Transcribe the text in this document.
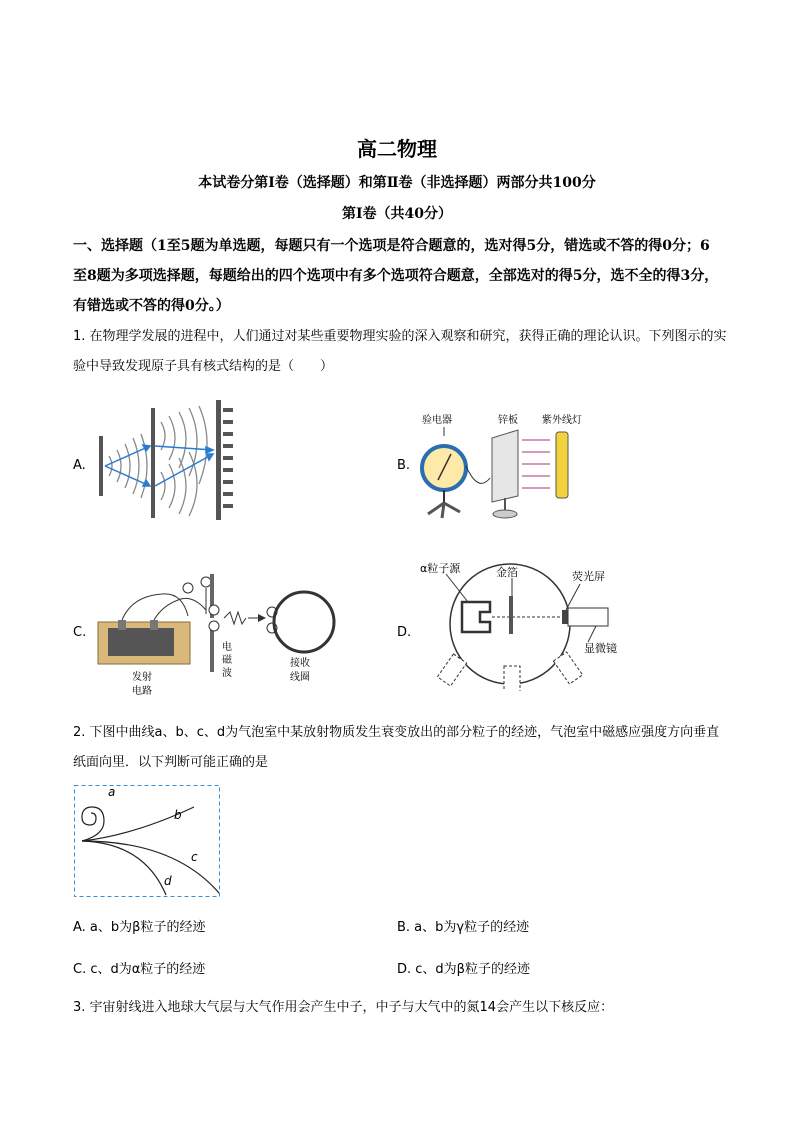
高二物理
本试卷分第Ⅰ卷（选择题）和第Ⅱ卷（非选择题）两部分共100分
第Ⅰ卷（共40分）
一、选择题（1至5题为单选题，每题只有一个选项是符合题意的，选对得5分，错选或不答的得0分；6至8题为多项选择题，每题给出的四个选项中有多个选项符合题意，全部选对的得5分，选不全的得3分，有错选或不答的得0分。）
1. 在物理学发展的进程中，人们通过对某些重要物理实验的深入观察和研究，获得正确的理论认识。下列图示的实验中导致发现原子具有核式结构的是（　　）
A.	B.
验电器	锌板 紫外线灯
C.
发射
电路
电
磁
波
接收
线圈
D.
α粒子源	金箔	荧光屏
显微镜
2. 下图中曲线a、b、c、d为气泡室中某放射物质发生衰变放出的部分粒子的经迹，气泡室中磁感应强度方向垂直纸面向里．以下判断可能正确的是
a
b
c
d
A. a、b为β粒子的经迹	B. a、b为γ粒子的经迹
C. c、d为α粒子的经迹	D. c、d为β粒子的经迹
3. 宇宙射线进入地球大气层与大气作用会产生中子，中子与大气中的氮14会产生以下核反应：
